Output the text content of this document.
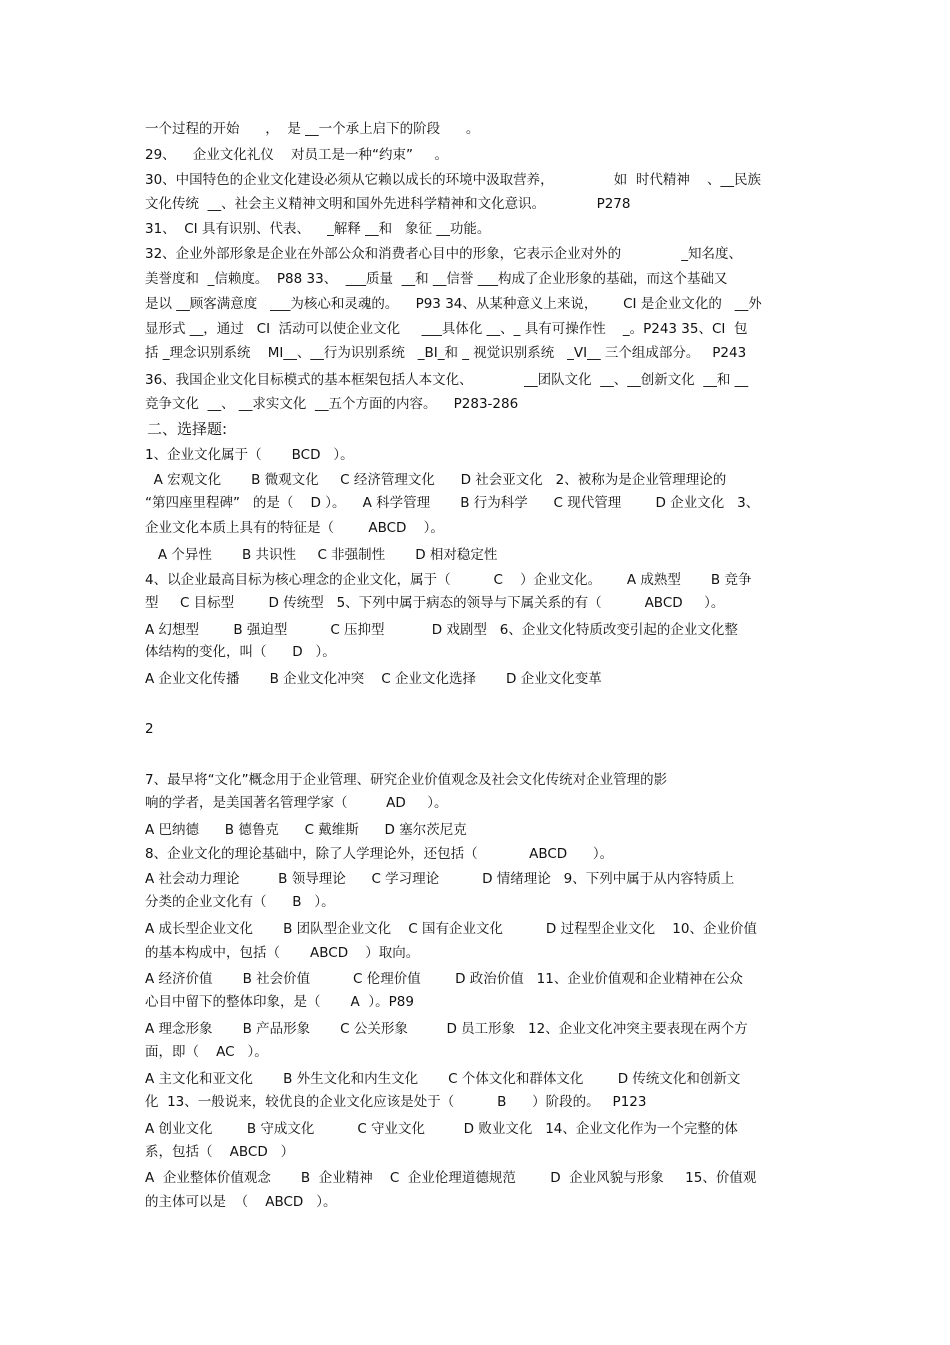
一个过程的开始      ，  是 __一个承上启下的阶段      。
29、    企业文化礼仪    对员工是一种“约束”     。
30、中国特色的企业文化建设必须从它赖以成长的环境中汲取营养，              如  时代精神    、__民族
文化传统  __、社会主义精神文明和国外先进科学精神和文化意识。            P278
31、  CI 具有识别、代表、    _解释 __和   象征 __功能。
32、企业外部形象是企业在外部公众和消费者心目中的形象，它表示企业对外的              _知名度、
美誉度和  _信赖度。  P88 33、  ___质量  __和 __信誉 ___构成了企业形象的基础，而这个基础又
是以 __顾客满意度   ___为核心和灵魂的。    P93 34、从某种意义上来说，      CI 是企业文化的   __外
显形式 __，通过   CI  活动可以使企业文化     ___具体化 __、_ 具有可操作性    _。P243 35、CI  包
括 _理念识别系统    MI__、__行为识别系统   _BI_和 _ 视觉识别系统   _VI__ 三个组成部分。   P243
36、我国企业文化目标模式的基本框架包括人本文化、            __团队文化  __、__创新文化  __和 __
竞争文化  __、 __求实文化  __五个方面的内容。    P283-286
二、选择题:
1、企业文化属于（       BCD   ）。
A 宏观文化       B 微观文化     C 经济管理文化      D 社会亚文化   2、被称为是企业管理理论的
“第四座里程碑”   的是（    D ）。    A 科学管理       B 行为科学      C 现代管理        D 企业文化   3、
企业文化本质上具有的特征是（        ABCD    ）。
A 个异性       B 共识性     C 非强制性       D 相对稳定性
4、以企业最高目标为核心理念的企业文化，属于（          C    ）企业文化。      A 成熟型       B 竞争
型     C 目标型        D 传统型   5、下列中属于病态的领导与下属关系的有（          ABCD     ）。
A 幻想型        B 强迫型          C 压抑型           D 戏剧型   6、企业文化特质改变引起的企业文化整
体结构的变化，叫（      D   ）。
A 企业文化传播       B 企业文化冲突    C 企业文化选择       D 企业文化变革
2
7、最早将“文化”概念用于企业管理、研究企业价值观念及社会文化传统对企业管理的影
响的学者，是美国著名管理学家（         AD     ）。
A 巴纳德      B 德鲁克      C 戴维斯      D 塞尔茨尼克
8、企业文化的理论基础中，除了人学理论外，还包括（            ABCD      ）。
A 社会动力理论         B 领导理论      C 学习理论          D 情绪理论   9、下列中属于从内容特质上
分类的企业文化有（      B   ）。
A 成长型企业文化       B 团队型企业文化    C 国有企业文化          D 过程型企业文化    10、企业价值
的基本构成中，包括（       ABCD    ）取向。
A 经济价值       B 社会价值          C 伦理价值        D 政治价值   11、企业价值观和企业精神在公众
心目中留下的整体印象，是（       A  ）。P89
A 理念形象       B 产品形象       C 公关形象         D 员工形象   12、企业文化冲突主要表现在两个方
面，即（    AC   ）。
A 主文化和亚文化       B 外生文化和内生文化       C 个体文化和群体文化        D 传统文化和创新文
化  13、一般说来，较优良的企业文化应该是处于（          B      ）阶段的。   P123
A 创业文化        B 守成文化          C 守业文化         D 败业文化   14、企业文化作为一个完整的体
系，包括（    ABCD   ）
A  企业整体价值观念       B  企业精神    C  企业伦理道德规范        D  企业风貌与形象     15、价值观
的主体可以是  （    ABCD   ）。
